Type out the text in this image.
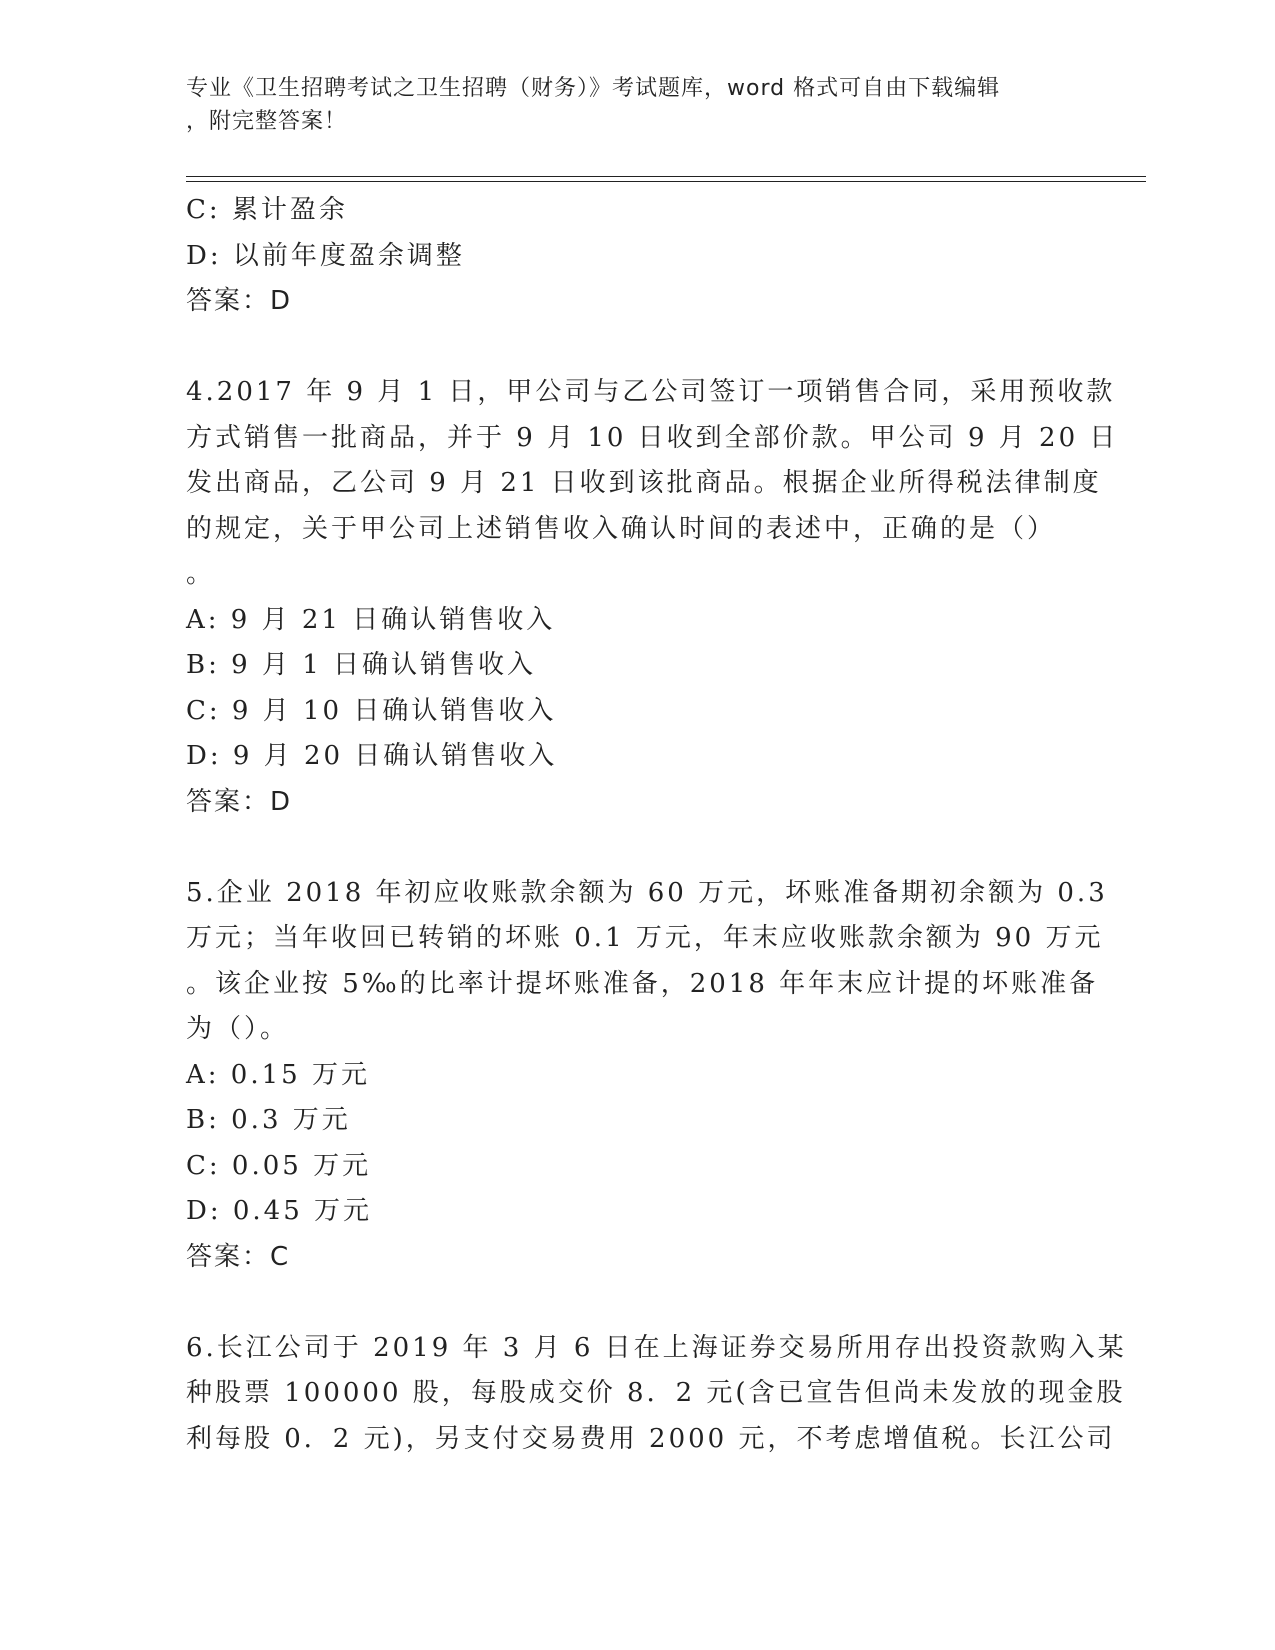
专业《卫生招聘考试之卫生招聘（财务）》考试题库，word 格式可自由下载编辑
，附完整答案！
C: 累计盈余
D: 以前年度盈余调整
答案：D
4.2017 年 9 月 1 日，甲公司与乙公司签订一项销售合同，采用预收款
方式销售一批商品，并于 9 月 10 日收到全部价款。甲公司 9 月 20 日
发出商品，乙公司 9 月 21 日收到该批商品。根据企业所得税法律制度
的规定，关于甲公司上述销售收入确认时间的表述中，正确的是（）
。
A: 9 月 21 日确认销售收入
B: 9 月 1 日确认销售收入
C: 9 月 10 日确认销售收入
D: 9 月 20 日确认销售收入
答案：D
5.企业 2018 年初应收账款余额为 60 万元，坏账准备期初余额为 0.3
万元；当年收回已转销的坏账 0.1 万元，年末应收账款余额为 90 万元
。该企业按 5‰的比率计提坏账准备，2018 年年末应计提的坏账准备
为（）。
A: 0.15 万元
B: 0.3 万元
C: 0.05 万元
D: 0.45 万元
答案：C
6.长江公司于 2019 年 3 月 6 日在上海证券交易所用存出投资款购入某
种股票 100000 股，每股成交价 8．2 元(含已宣告但尚未发放的现金股
利每股 0．2 元)，另支付交易费用 2000 元，不考虑增值税。长江公司
